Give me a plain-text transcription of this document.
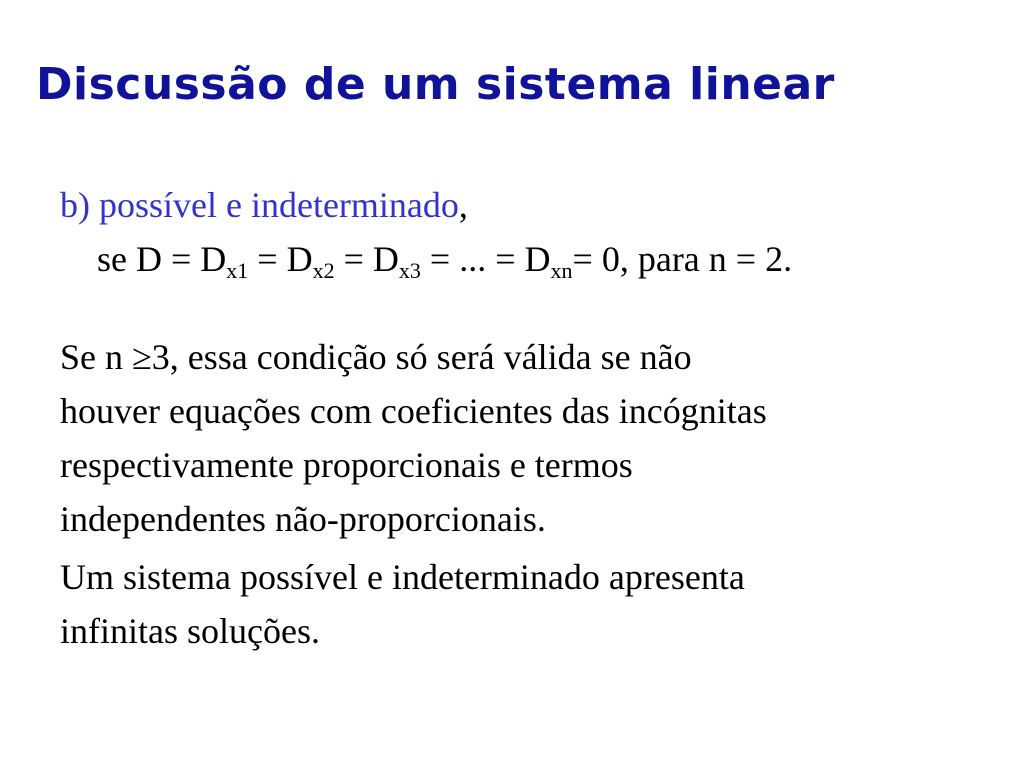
Discussão de um sistema linear
b) possível e indeterminado,
se $D = D_{x1} = D_{x2} = D_{x3}$ = ... = $D_{xn}= 0$, para n = 2.
Se n ≥3, essa condição só será válida se não
houver equações com coeficientes das incógnitas
respectivamente proporcionais e termos
independentes não-proporcionais.
Um sistema possível e indeterminado apresenta
infinitas soluções.
